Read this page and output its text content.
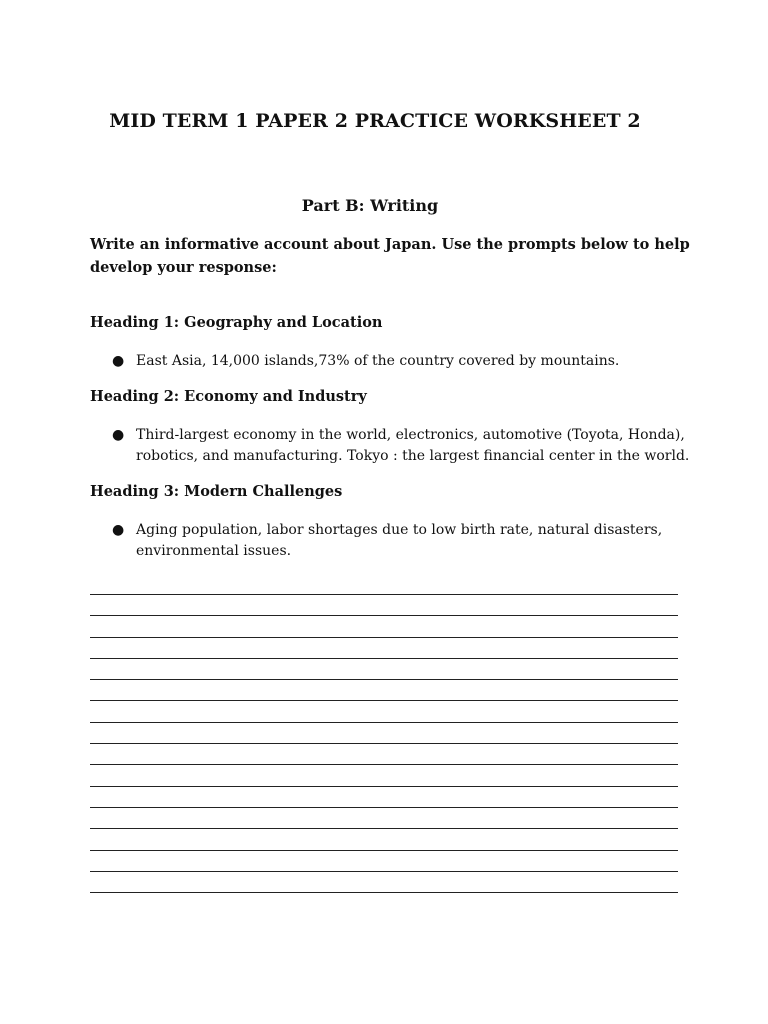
MID TERM 1 PAPER 2 PRACTICE WORKSHEET 2
Part B: Writing
Write an informative account about Japan. Use the prompts below to help develop your response:
Heading 1: Geography and Location
● East Asia, 14,000 islands,73% of the country covered by mountains.
Heading 2: Economy and Industry
● Third-largest economy in the world, electronics, automotive (Toyota, Honda), robotics, and manufacturing. Tokyo : the largest financial center in the world.
Heading 3: Modern Challenges
● Aging population, labor shortages due to low birth rate, natural disasters, environmental issues.
